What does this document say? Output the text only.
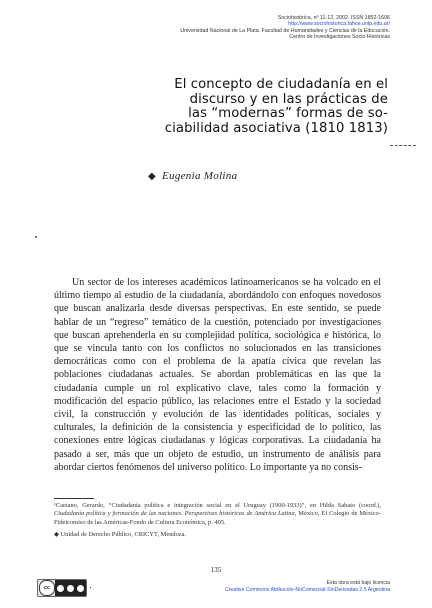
Sociohistórica, nº 11-12, 2002. ISSN 1852-1606
http://www.sociohistorica.fahce.unlp.edu.ar/
Universidad Nacional de La Plata. Facultad de Humanidades y Ciencias de la Educación.
Centro de Investigaciones Socio Históricas
El concepto de ciudadanía en el
discurso y en las prácticas de
las “modernas” formas de so-
ciabilidad asociativa (1810 1813)
◆ Eugenia Molina

Un sector de los intereses académicos latinoamericanos se ha volcado en el último tiempo al estudio de la ciudadanía, abordándolo con enfoques novedosos que buscan analizarla desde diversas perspectivas. En este sentido, se puede hablar de un “regreso” temático de la cuestión, potenciado por investigaciones que buscan aprehenderla en su complejidad política, sociológica e histórica, lo que se vincula tanto con los conflictos no solucionados en las transiciones democráticas como con el problema de la apatía cívica que revelan las poblaciones ciudadanas actuales. Se abordan problemáticas en las que la ciudadanía cumple un rol explicativo clave, tales como la formación y modificación del espacio público, las relaciones entre el Estado y la sociedad civil, la construcción y evolución de las identidades políticas, sociales y culturales, la definición de la consistencia y especificidad de lo político, las conexiones entre lógicas ciudadanas y lógicas corporativas. La ciudadanía ha pasado a ser, más que un objeto de estudio, un instrumento de análisis para abordar ciertos fenómenos del universo político. Lo importante ya no consis-

¹Caetano, Gerardo, “Ciudadanía política e integración social en el Uruguay (1900-1933)”, en Hilda Sabato (coord.), Ciudadanía política y formación de las naciones. Perspectivas históricas de América Latina, México, El Colegio de México-Fideicomiso de las Américas-Fondo de Cultura Económica, p. 405.

◆ Unidad de Derecho Público, CRICYT, Mendoza.

135
cc
Esta obra está bajo licencia
Creative Commons Atribución-NoComercial-SinDerivadas 2.5 Argentina
